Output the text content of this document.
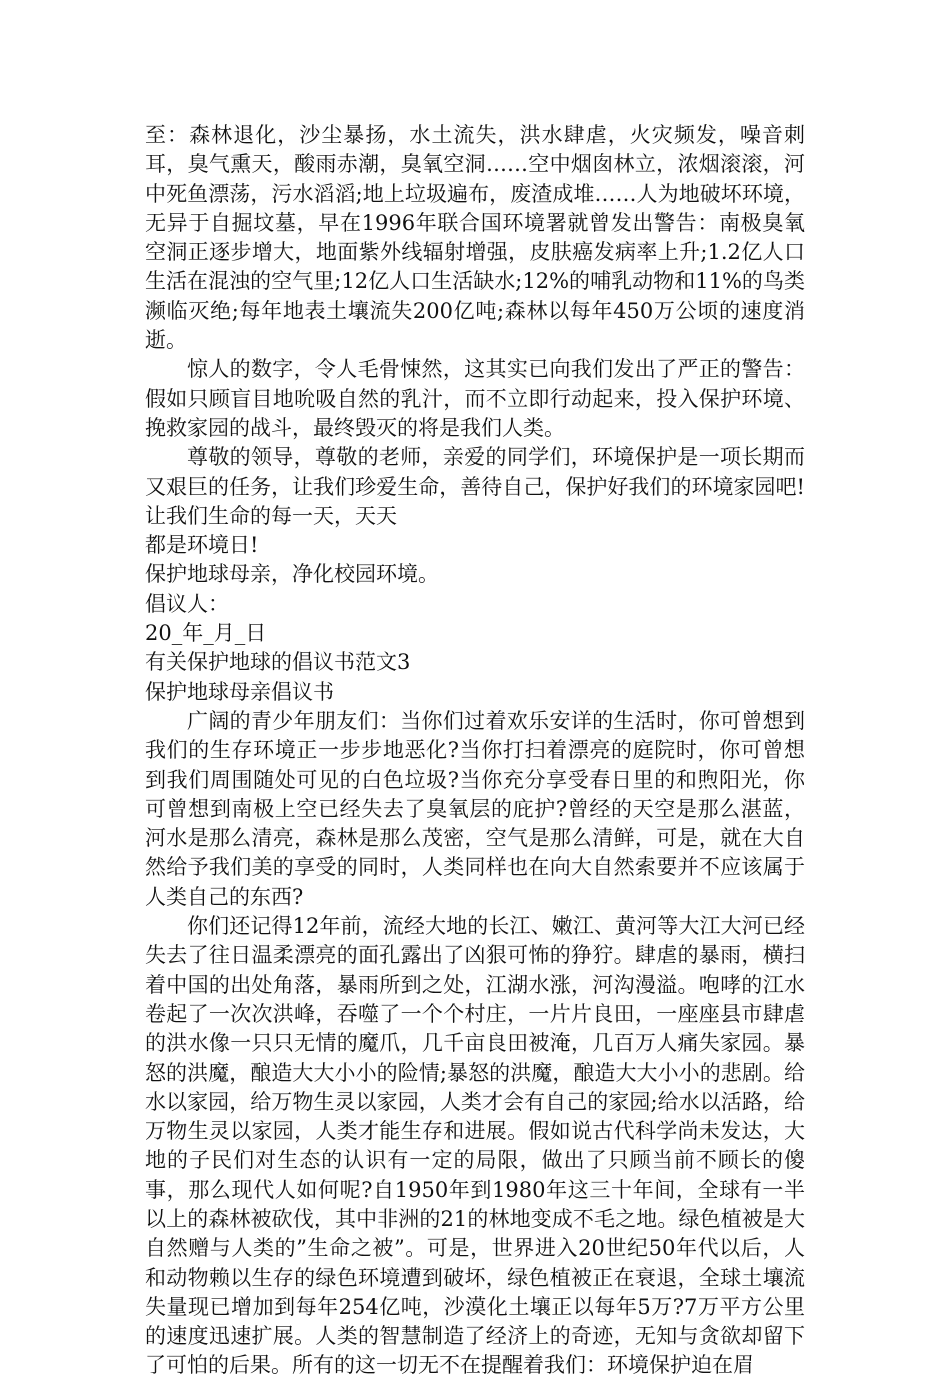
至：森林退化，沙尘暴扬，水土流失，洪水肆虐，火灾频发，噪音刺耳，臭气熏天，酸雨赤潮，臭氧空洞……空中烟囱林立，浓烟滚滚，河中死鱼漂荡，污水滔滔;地上垃圾遍布，废渣成堆……人为地破坏环境，无异于自掘坟墓，早在1996年联合国环境署就曾发出警告：南极臭氧空洞正逐步增大，地面紫外线辐射增强，皮肤癌发病率上升;1.2亿人口生活在混浊的空气里;12亿人口生活缺水;12%的哺乳动物和11%的鸟类濒临灭绝;每年地表土壤流失200亿吨;森林以每年450万公顷的速度消逝。

惊人的数字，令人毛骨悚然，这其实已向我们发出了严正的警告：假如只顾盲目地吮吸自然的乳汁，而不立即行动起来，投入保护环境、挽救家园的战斗，最终毁灭的将是我们人类。

尊敬的领导，尊敬的老师，亲爱的同学们，环境保护是一项长期而又艰巨的任务，让我们珍爱生命，善待自己，保护好我们的环境家园吧!让我们生命的每一天，天天

都是环境日!

保护地球母亲，净化校园环境。

倡议人：

20_年_月_日

有关保护地球的倡议书范文3

保护地球母亲倡议书

广阔的青少年朋友们：当你们过着欢乐安详的生活时，你可曾想到我们的生存环境正一步步地恶化?当你打扫着漂亮的庭院时，你可曾想到我们周围随处可见的白色垃圾?当你充分享受春日里的和煦阳光，你可曾想到南极上空已经失去了臭氧层的庇护?曾经的天空是那么湛蓝，河水是那么清亮，森林是那么茂密，空气是那么清鲜，可是，就在大自然给予我们美的享受的同时，人类同样也在向大自然索要并不应该属于人类自己的东西?

你们还记得12年前，流经大地的长江、嫩江、黄河等大江大河已经失去了往日温柔漂亮的面孔露出了凶狠可怖的狰狞。肆虐的暴雨，横扫着中国的出处角落，暴雨所到之处，江湖水涨，河沟漫溢。咆哮的江水卷起了一次次洪峰，吞噬了一个个村庄，一片片良田，一座座县市肆虐的洪水像一只只无情的魔爪，几千亩良田被淹，几百万人痛失家园。暴怒的洪魔，酿造大大小小的险情;暴怒的洪魔，酿造大大小小的悲剧。给水以家园，给万物生灵以家园，人类才会有自己的家园;给水以活路，给万物生灵以家园，人类才能生存和进展。假如说古代科学尚未发达，大地的子民们对生态的认识有一定的局限，做出了只顾当前不顾长的傻事，那么现代人如何呢?自1950年到1980年这三十年间，全球有一半以上的森林被砍伐，其中非洲的21的林地变成不毛之地。绿色植被是大自然赠与人类的”生命之被”。可是，世界进入20世纪50年代以后，人和动物赖以生存的绿色环境遭到破坏，绿色植被正在衰退，全球土壤流失量现已增加到每年254亿吨，沙漠化土壤正以每年5万?7万平方公里的速度迅速扩展。人类的智慧制造了经济上的奇迹，无知与贪欲却留下了可怕的后果。所有的这一切无不在提醒着我们：环境保护迫在眉
